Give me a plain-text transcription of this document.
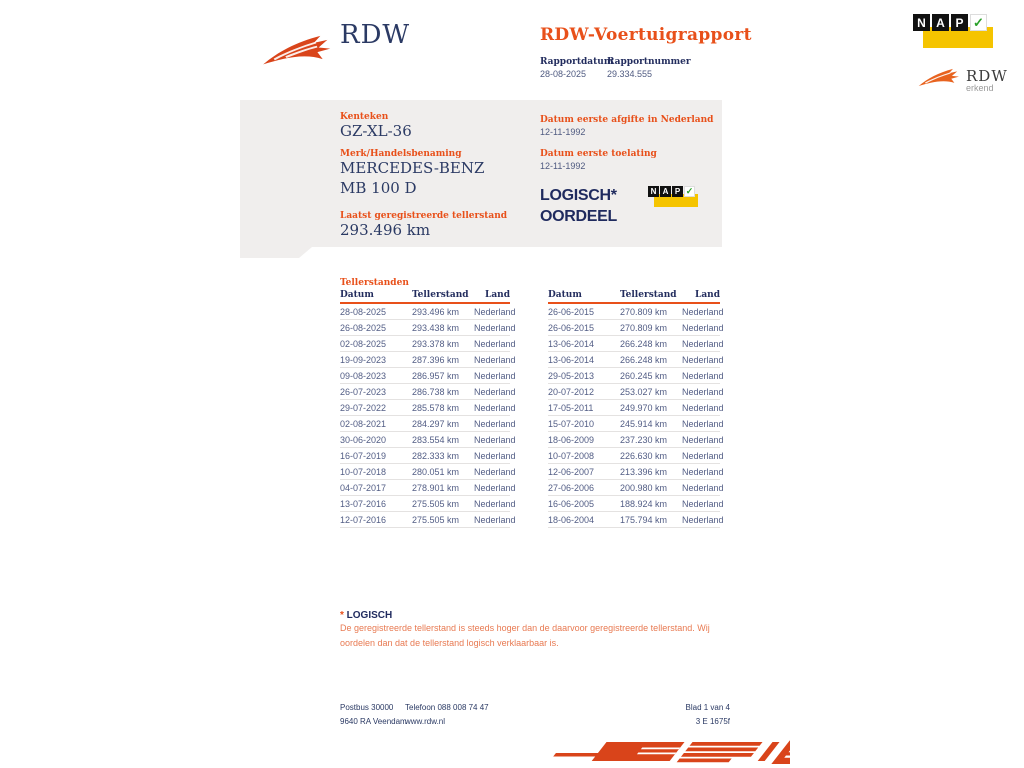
RDW	RDW-Voertuigrapport
Rapportdatum
28-08-2025
Rapportnummer
29.334.555
N A P ✓
RDW
erkend
Kenteken
GZ-XL-36
Merk/Handelsbenaming
MERCEDES-BENZ
MB 100 D
Laatst geregistreerde tellerstand
293.496 km
Datum eerste afgifte in Nederland
12-11-1992
Datum eerste toelating
12-11-1992
LOGISCH*
OORDEEL
N A P ✓
Tellerstanden
Datum	Tellerstand	Land
28-08-2025	293.496 km	Nederland
26-08-2025	293.438 km	Nederland
02-08-2025	293.378 km	Nederland
19-09-2023	287.396 km	Nederland
09-08-2023	286.957 km	Nederland
26-07-2023	286.738 km	Nederland
29-07-2022	285.578 km	Nederland
02-08-2021	284.297 km	Nederland
30-06-2020	283.554 km	Nederland
16-07-2019	282.333 km	Nederland
10-07-2018	280.051 km	Nederland
04-07-2017	278.901 km	Nederland
13-07-2016	275.505 km	Nederland
12-07-2016	275.505 km	Nederland
Datum	Tellerstand	Land
26-06-2015	270.809 km	Nederland
26-06-2015	270.809 km	Nederland
13-06-2014	266.248 km	Nederland
13-06-2014	266.248 km	Nederland
29-05-2013	260.245 km	Nederland
20-07-2012	253.027 km	Nederland
17-05-2011	249.970 km	Nederland
15-07-2010	245.914 km	Nederland
18-06-2009	237.230 km	Nederland
10-07-2008	226.630 km	Nederland
12-06-2007	213.396 km	Nederland
27-06-2006	200.980 km	Nederland
16-06-2005	188.924 km	Nederland
18-06-2004	175.794 km	Nederland
* LOGISCH
De geregistreerde tellerstand is steeds hoger dan de daarvoor geregistreerde tellerstand. Wij oordelen dan dat de tellerstand logisch verklaarbaar is.
Postbus 30000
9640 RA Veendam
Telefoon 088 008 74 47
www.rdw.nl
Blad 1 van 4
3 E 1675f
